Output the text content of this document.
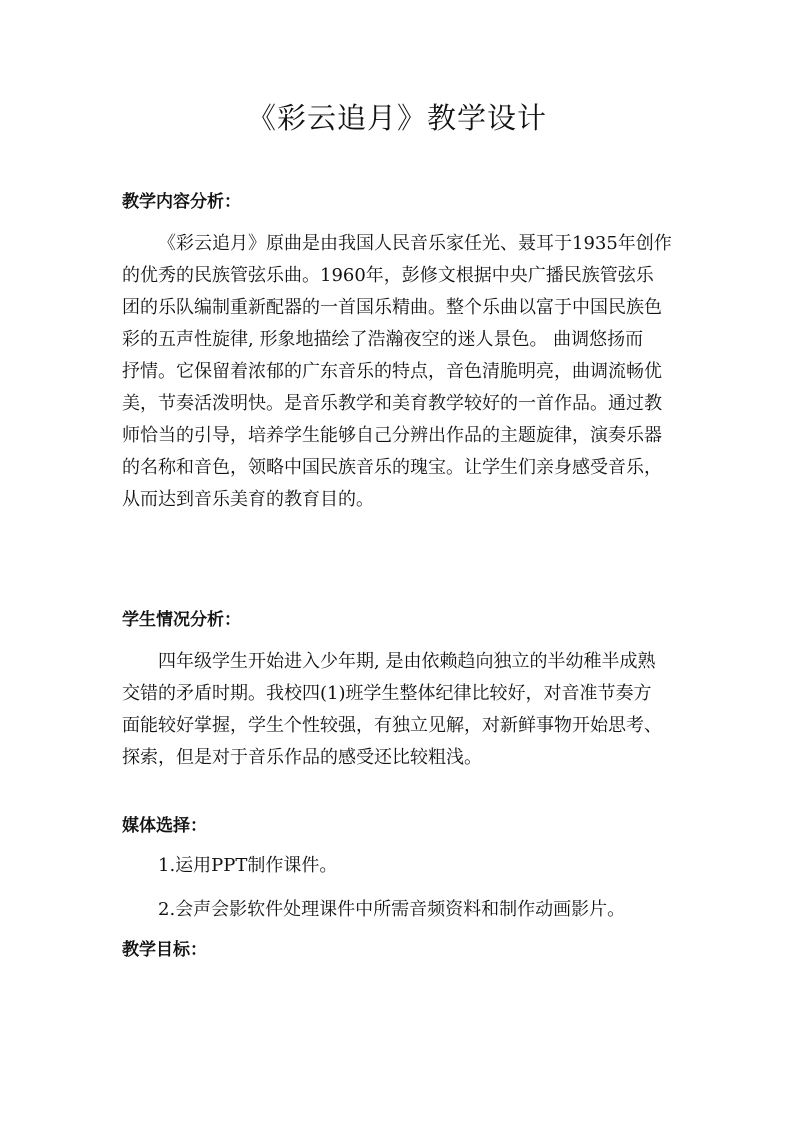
《彩云追月》教学设计
教学内容分析：
《彩云追月》原曲是由我国人民音乐家任光、聂耳于1935年创作
的优秀的民族管弦乐曲。1960年，彭修文根据中央广播民族管弦乐
团的乐队编制重新配器的一首国乐精曲。整个乐曲以富于中国民族色
彩的五声性旋律, 形象地描绘了浩瀚夜空的迷人景色。 曲调悠扬而
抒情。它保留着浓郁的广东音乐的特点，音色清脆明亮，曲调流畅优
美，节奏活泼明快。是音乐教学和美育教学较好的一首作品。通过教
师恰当的引导，培养学生能够自己分辨出作品的主题旋律，演奏乐器
的名称和音色，领略中国民族音乐的瑰宝。让学生们亲身感受音乐，
从而达到音乐美育的教育目的。
学生情况分析：
四年级学生开始进入少年期, 是由依赖趋向独立的半幼稚半成熟
交错的矛盾时期。我校四(1)班学生整体纪律比较好，对音准节奏方
面能较好掌握，学生个性较强，有独立见解，对新鲜事物开始思考、
探索，但是对于音乐作品的感受还比较粗浅。
媒体选择：
1.运用PPT制作课件。
2.会声会影软件处理课件中所需音频资料和制作动画影片。
教学目标：
